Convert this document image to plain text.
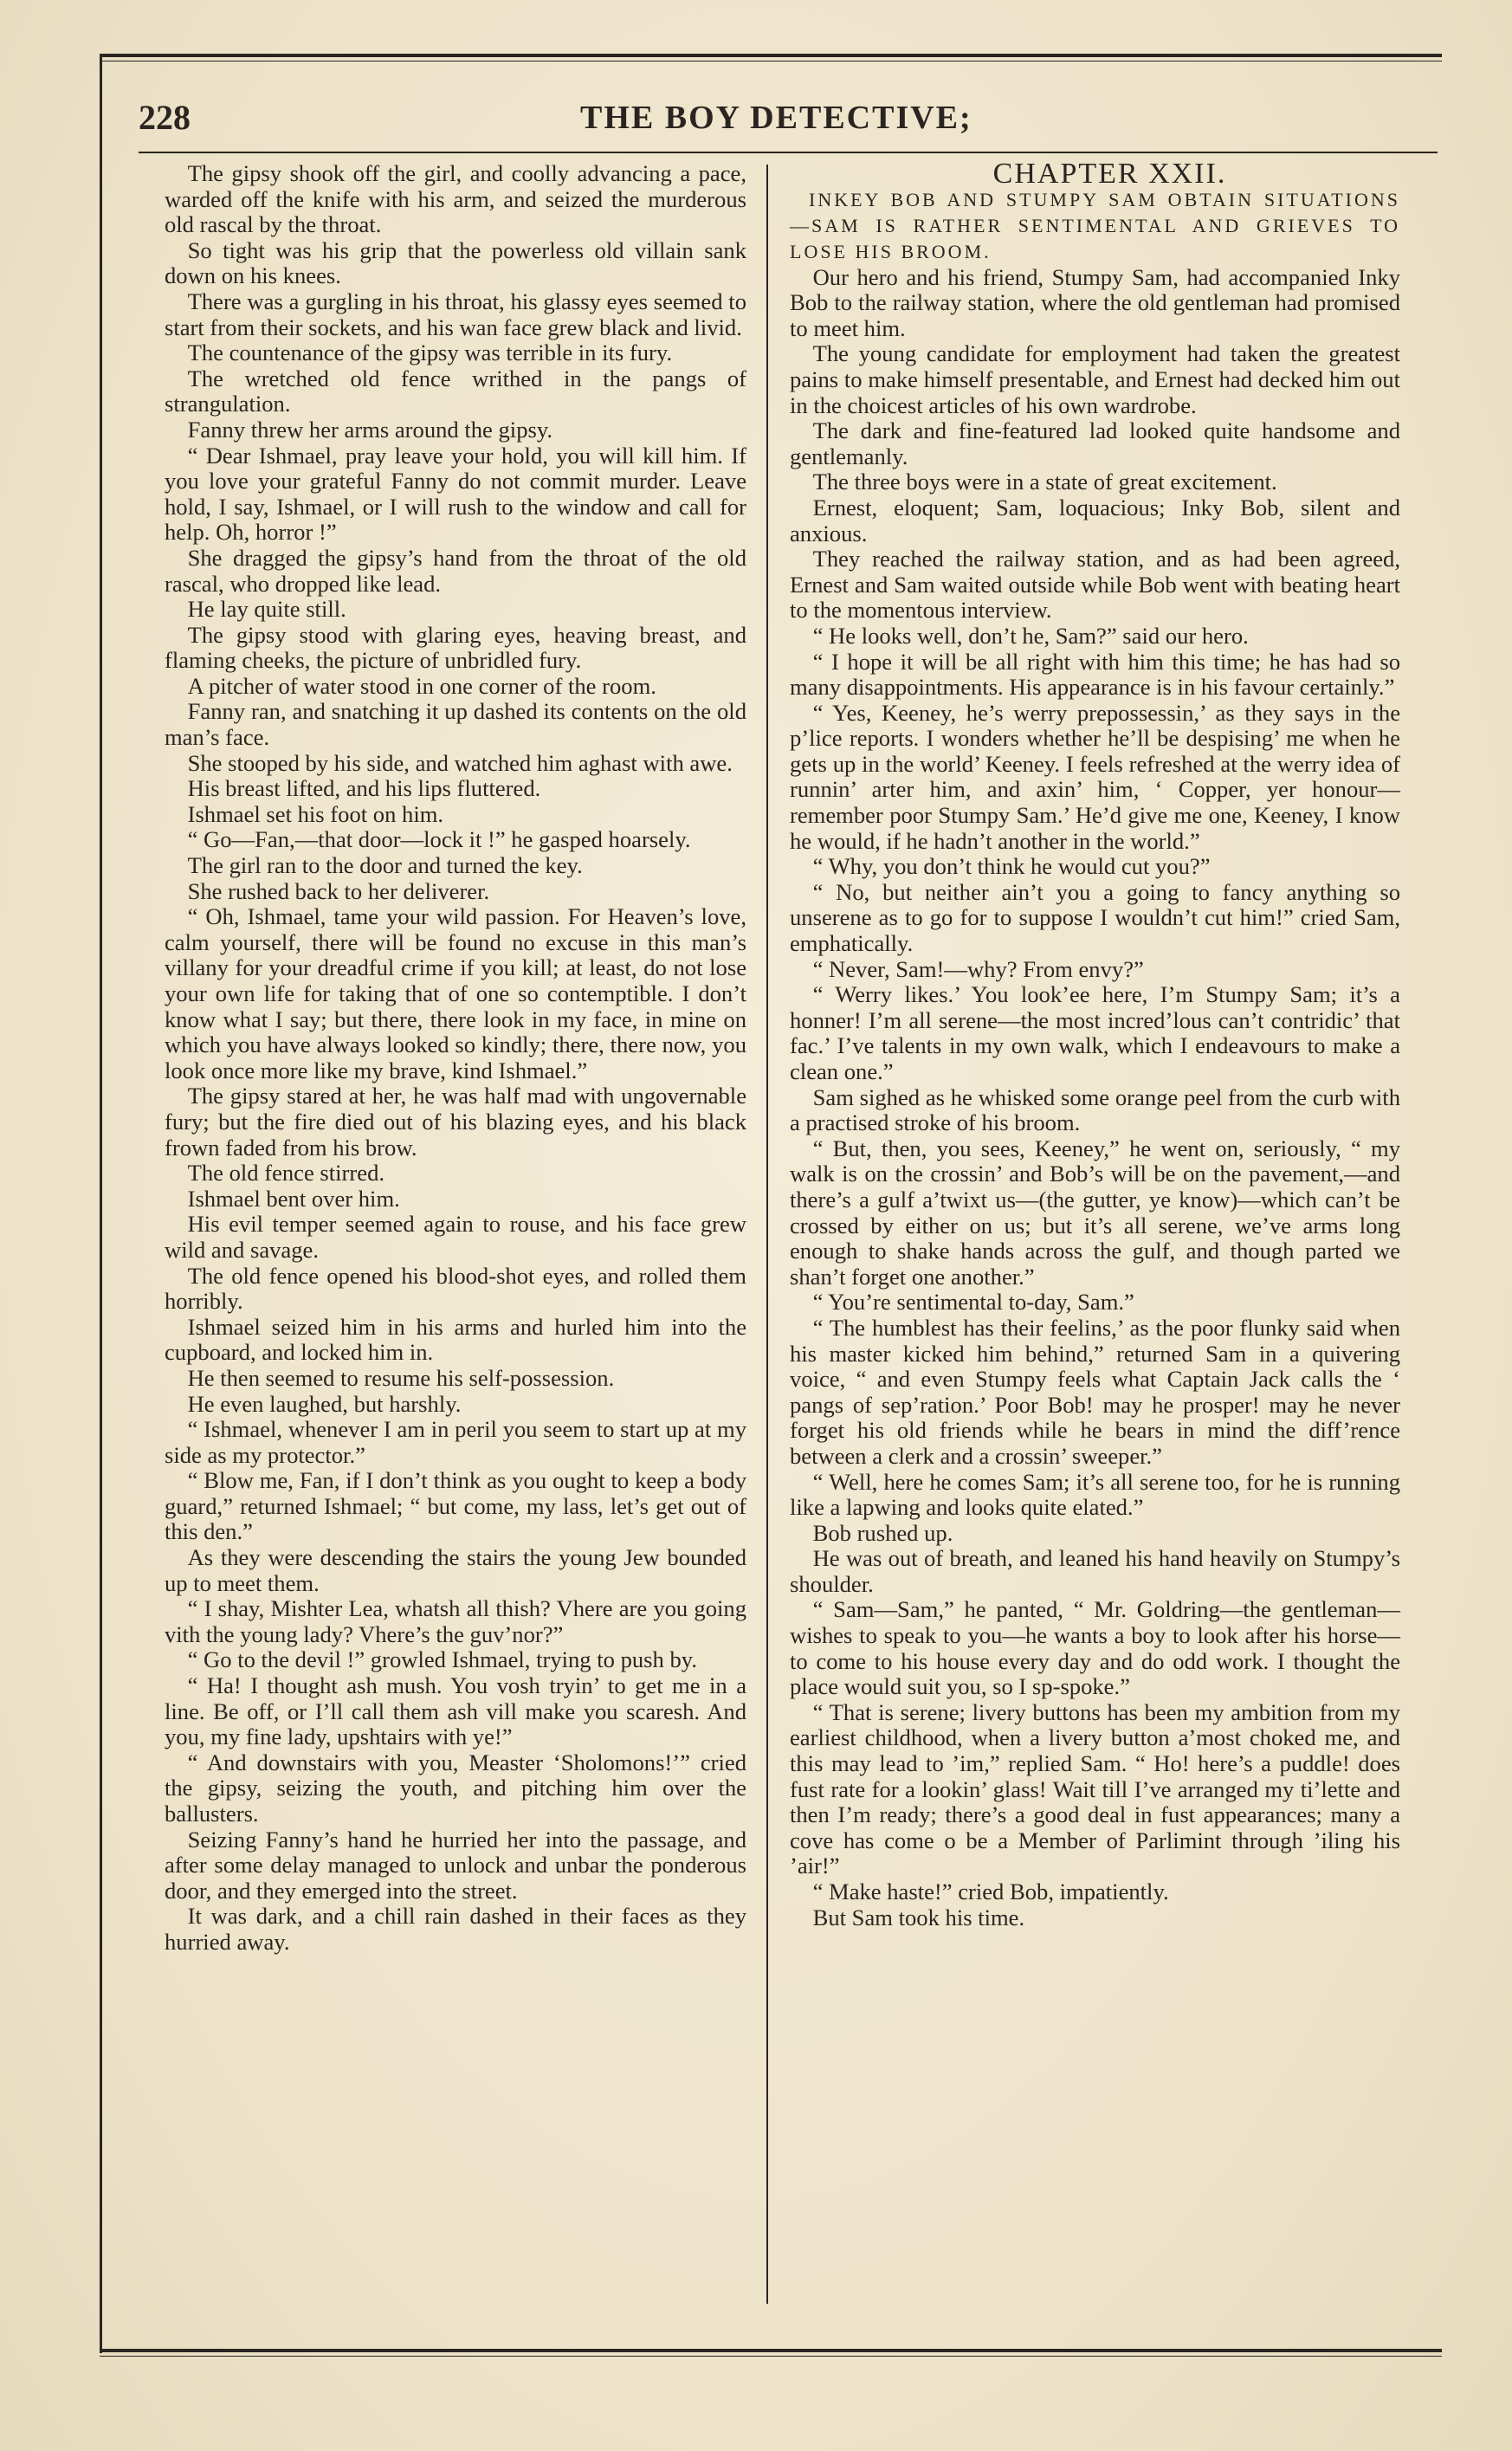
228	THE BOY DETECTIVE;

The gipsy shook off the girl, and coolly advancing a pace, warded off the knife with his arm, and seized the murderous old rascal by the throat.

So tight was his grip that the powerless old villain sank down on his knees.

There was a gurgling in his throat, his glassy eyes seemed to start from their sockets, and his wan face grew black and livid.

The countenance of the gipsy was terrible in its fury.

The wretched old fence writhed in the pangs of strangulation.

Fanny threw her arms around the gipsy.

“ Dear Ishmael, pray leave your hold, you will kill him. If you love your grateful Fanny do not commit murder. Leave hold, I say, Ishmael, or I will rush to the window and call for help. Oh, horror !”

She dragged the gipsy’s hand from the throat of the old rascal, who dropped like lead.

He lay quite still.

The gipsy stood with glaring eyes, heaving breast, and flaming cheeks, the picture of unbridled fury.

A pitcher of water stood in one corner of the room.

Fanny ran, and snatching it up dashed its contents on the old man’s face.

She stooped by his side, and watched him aghast with awe.

His breast lifted, and his lips fluttered.

Ishmael set his foot on him.

“ Go—Fan,—that door—lock it !” he gasped hoarsely.

The girl ran to the door and turned the key.

She rushed back to her deliverer.

“ Oh, Ishmael, tame your wild passion. For Heaven’s love, calm yourself, there will be found no excuse in this man’s villany for your dreadful crime if you kill; at least, do not lose your own life for taking that of one so contemptible. I don’t know what I say; but there, there look in my face, in mine on which you have always looked so kindly; there, there now, you look once more like my brave, kind Ishmael.”

The gipsy stared at her, he was half mad with ungovernable fury; but the fire died out of his blazing eyes, and his black frown faded from his brow.

The old fence stirred.

Ishmael bent over him.

His evil temper seemed again to rouse, and his face grew wild and savage.

The old fence opened his blood-shot eyes, and rolled them horribly.

Ishmael seized him in his arms and hurled him into the cupboard, and locked him in.

He then seemed to resume his self-possession.

He even laughed, but harshly.

“ Ishmael, whenever I am in peril you seem to start up at my side as my protector.”

“ Blow me, Fan, if I don’t think as you ought to keep a body guard,” returned Ishmael; “ but come, my lass, let’s get out of this den.”

As they were descending the stairs the young Jew bounded up to meet them.

“ I shay, Mishter Lea, whatsh all thish? Vhere are you going vith the young lady? Vhere’s the guv’nor?”

“ Go to the devil !” growled Ishmael, trying to push by.

“ Ha! I thought ash mush. You vosh tryin’ to get me in a line. Be off, or I’ll call them ash vill make you scaresh. And you, my fine lady, upshtairs with ye!”

“ And downstairs with you, Measter ‘Sholomons!’” cried the gipsy, seizing the youth, and pitching him over the ballusters.

Seizing Fanny’s hand he hurried her into the passage, and after some delay managed to unlock and unbar the ponderous door, and they emerged into the street.

It was dark, and a chill rain dashed in their faces as they hurried away.

CHAPTER XXII.

INKEY BOB AND STUMPY SAM OBTAIN SITUATIONS—SAM IS RATHER SENTIMENTAL AND GRIEVES TO LOSE HIS BROOM.

Our hero and his friend, Stumpy Sam, had accompanied Inky Bob to the railway station, where the old gentleman had promised to meet him.

The young candidate for employment had taken the greatest pains to make himself presentable, and Ernest had decked him out in the choicest articles of his own wardrobe.

The dark and fine-featured lad looked quite handsome and gentlemanly.

The three boys were in a state of great excitement.

Ernest, eloquent; Sam, loquacious; Inky Bob, silent and anxious.

They reached the railway station, and as had been agreed, Ernest and Sam waited outside while Bob went with beating heart to the momentous interview.

“ He looks well, don’t he, Sam?” said our hero.

“ I hope it will be all right with him this time; he has had so many disappointments. His appearance is in his favour certainly.”

“ Yes, Keeney, he’s werry prepossessin,’ as they says in the p’lice reports. I wonders whether he’ll be despising’ me when he gets up in the world’ Keeney. I feels refreshed at the werry idea of runnin’ arter him, and axin’ him, ‘ Copper, yer honour—remember poor Stumpy Sam.’ He’d give me one, Keeney, I know he would, if he hadn’t another in the world.”

“ Why, you don’t think he would cut you?”

“ No, but neither ain’t you a going to fancy anything so unserene as to go for to suppose I wouldn’t cut him!” cried Sam, emphatically.

“ Never, Sam!—why? From envy?”

“ Werry likes.’ You look’ee here, I’m Stumpy Sam; it’s a honner! I’m all serene—the most incred’lous can’t contridic’ that fac.’ I’ve talents in my own walk, which I endeavours to make a clean one.”

Sam sighed as he whisked some orange peel from the curb with a practised stroke of his broom.

“ But, then, you sees, Keeney,” he went on, seriously, “ my walk is on the crossin’ and Bob’s will be on the pavement,—and there’s a gulf a’twixt us—(the gutter, ye know)—which can’t be crossed by either on us; but it’s all serene, we’ve arms long enough to shake hands across the gulf, and though parted we shan’t forget one another.”

“ You’re sentimental to-day, Sam.”

“ The humblest has their feelins,’ as the poor flunky said when his master kicked him behind,” returned Sam in a quivering voice, “ and even Stumpy feels what Captain Jack calls the ‘ pangs of sep’ration.’ Poor Bob! may he prosper! may he never forget his old friends while he bears in mind the diff’rence between a clerk and a crossin’ sweeper.”

“ Well, here he comes Sam; it’s all serene too, for he is running like a lapwing and looks quite elated.”

Bob rushed up.

He was out of breath, and leaned his hand heavily on Stumpy’s shoulder.

“ Sam—Sam,” he panted, “ Mr. Goldring—the gentleman—wishes to speak to you—he wants a boy to look after his horse—to come to his house every day and do odd work. I thought the place would suit you, so I sp-spoke.”

“ That is serene; livery buttons has been my ambition from my earliest childhood, when a livery button a’most choked me, and this may lead to ’im,” replied Sam. “ Ho! here’s a puddle! does fust rate for a lookin’ glass! Wait till I’ve arranged my ti’lette and then I’m ready; there’s a good deal in fust appearances; many a cove has come o be a Member of Parlimint through ’iling his ’air!”

“ Make haste!” cried Bob, impatiently.

But Sam took his time.
